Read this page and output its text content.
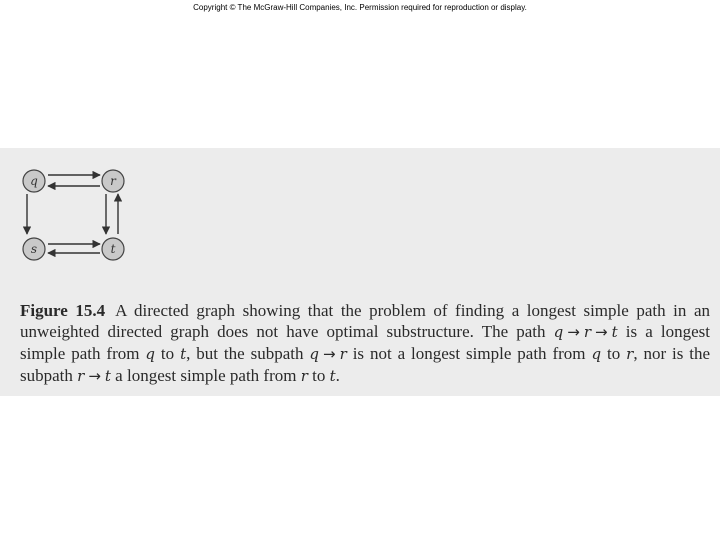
Copyright © The McGraw-Hill Companies, Inc. Permission required for reproduction or display.
q	r
s	t
Figure 15.4 A directed graph showing that the problem of finding a longest simple path in an
unweighted directed graph does not have optimal substructure. The path q → r → t is a longest
simple path from q to t, but the subpath q → r is not a longest simple path from q to r, nor is the
subpath r → t a longest simple path from r to t.
